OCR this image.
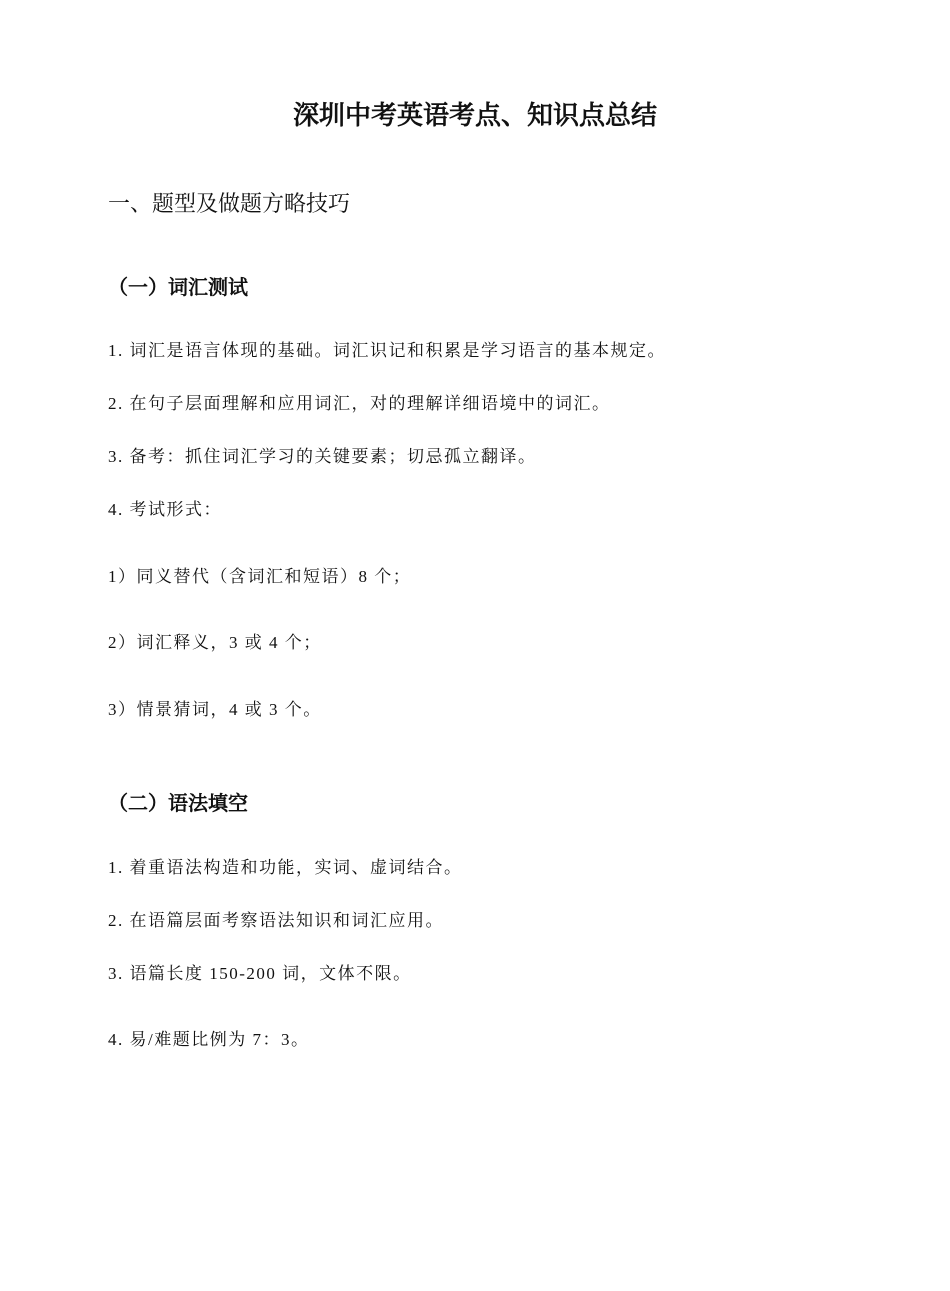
深圳中考英语考点、知识点总结
一、题型及做题方略技巧
（一）词汇测试

1. 词汇是语言体现的基础。词汇识记和积累是学习语言的基本规定。

2. 在句子层面理解和应用词汇，对的理解详细语境中的词汇。

3. 备考：抓住词汇学习的关键要素；切忌孤立翻译。

4. 考试形式：

1）同义替代（含词汇和短语）8 个；

2）词汇释义，3 或 4 个；

3）情景猜词，4 或 3 个。

（二）语法填空

1. 着重语法构造和功能，实词、虚词结合。

2. 在语篇层面考察语法知识和词汇应用。

3. 语篇长度 150-200 词，文体不限。

4. 易/难题比例为 7：3。
